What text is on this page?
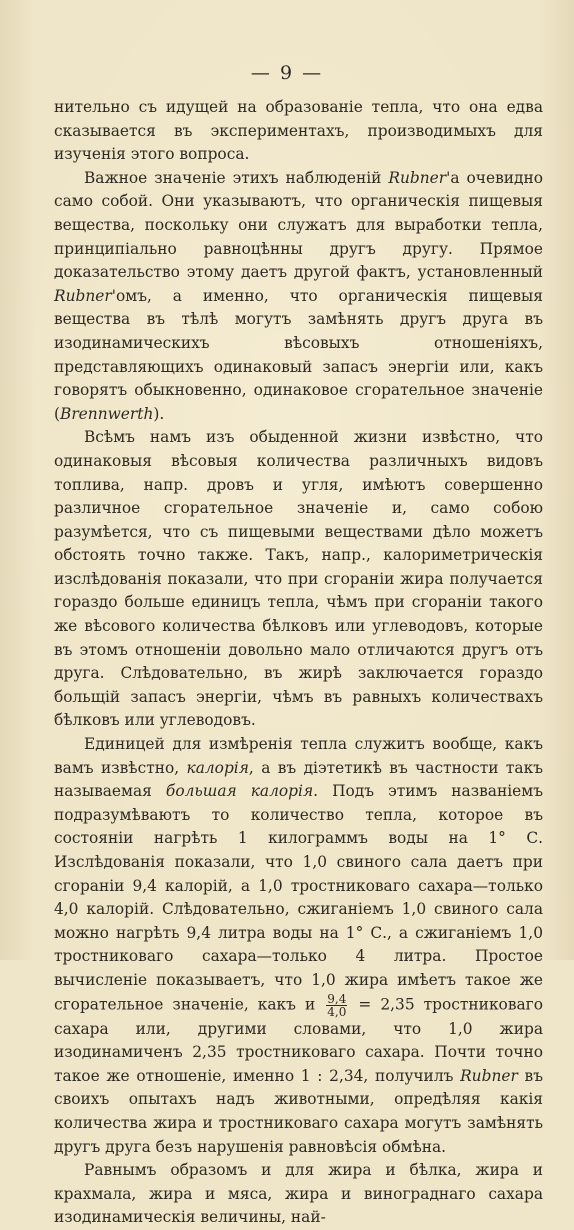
— 9 —

нительно съ идущей на образованіе тепла, что она едва сказывается въ экспериментахъ, производимыхъ для изученія этого вопроса.

Важное значеніе этихъ наблюденій Rubner'а очевидно само собой. Они указываютъ, что органическія пищевыя вещества, поскольку они служатъ для выработки тепла, принципіально равноцѣнны другъ другу. Прямое доказательство этому даетъ другой фактъ, установленный Rubner'омъ, а именно, что органическія пищевыя вещества въ тѣлѣ могутъ замѣнять другъ друга въ изодинамическихъ вѣсовыхъ отношеніяхъ, представляющихъ одинаковый запасъ энергіи или, какъ говорятъ обыкновенно, одинаковое сгорательное значеніе (Brennwerth).

Всѣмъ намъ изъ обыденной жизни извѣстно, что одинаковыя вѣсовыя количества различныхъ видовъ топлива, напр. дровъ и угля, имѣютъ совершенно различное сгорательное значеніе и, само собою разумѣется, что съ пищевыми веществами дѣло можетъ обстоять точно также. Такъ, напр., калориметрическія изслѣдованія показали, что при сгораніи жира получается гораздо больше единицъ тепла, чѣмъ при сгораніи такого же вѣсового количества бѣлковъ или углеводовъ, которые въ этомъ отношеніи довольно мало отличаются другъ отъ друга. Слѣдовательно, въ жирѣ заключается гораздо больщій запасъ энергіи, чѣмъ въ равныхъ количествахъ бѣлковъ или углеводовъ.

Единицей для измѣренія тепла служитъ вообще, какъ вамъ извѣстно, калорія, а въ діэтетикѣ въ частности такъ называемая большая калорія. Подъ этимъ названіемъ подразумѣваютъ то количество тепла, которое въ состояніи нагрѣть 1 килограммъ воды на 1° С. Изслѣдованія показали, что 1,0 свиного сала даетъ при сгораніи 9,4 калорій, а 1,0 тростниковаго сахара—только 4,0 калорій. Слѣдовательно, сжиганіемъ 1,0 свиного сала можно нагрѣть 9,4 литра воды на 1° С., а сжиганіемъ 1,0 тростниковаго сахара—только 4 литра. Простое вычисленіе показываетъ, что 1,0 жира имѣетъ такое же сгорательное значеніе, какъ и $\frac{9,4}{4,0} = 2,35$ тростниковаго сахара или, другими словами, что 1,0 жира изодинамиченъ 2,35 тростниковаго сахара. Почти точно такое же отношеніе, именно 1 : 2,34, получилъ Rubner въ своихъ опытахъ надъ животными, опредѣляя какія количества жира и тростниковаго сахара могутъ замѣнять другъ друга безъ нарушенія равновѣсія обмѣна.

Равнымъ образомъ и для жира и бѣлка, жира и крахмала, жира и мяса, жира и винограднаго сахара изодинамическія величины, най-
